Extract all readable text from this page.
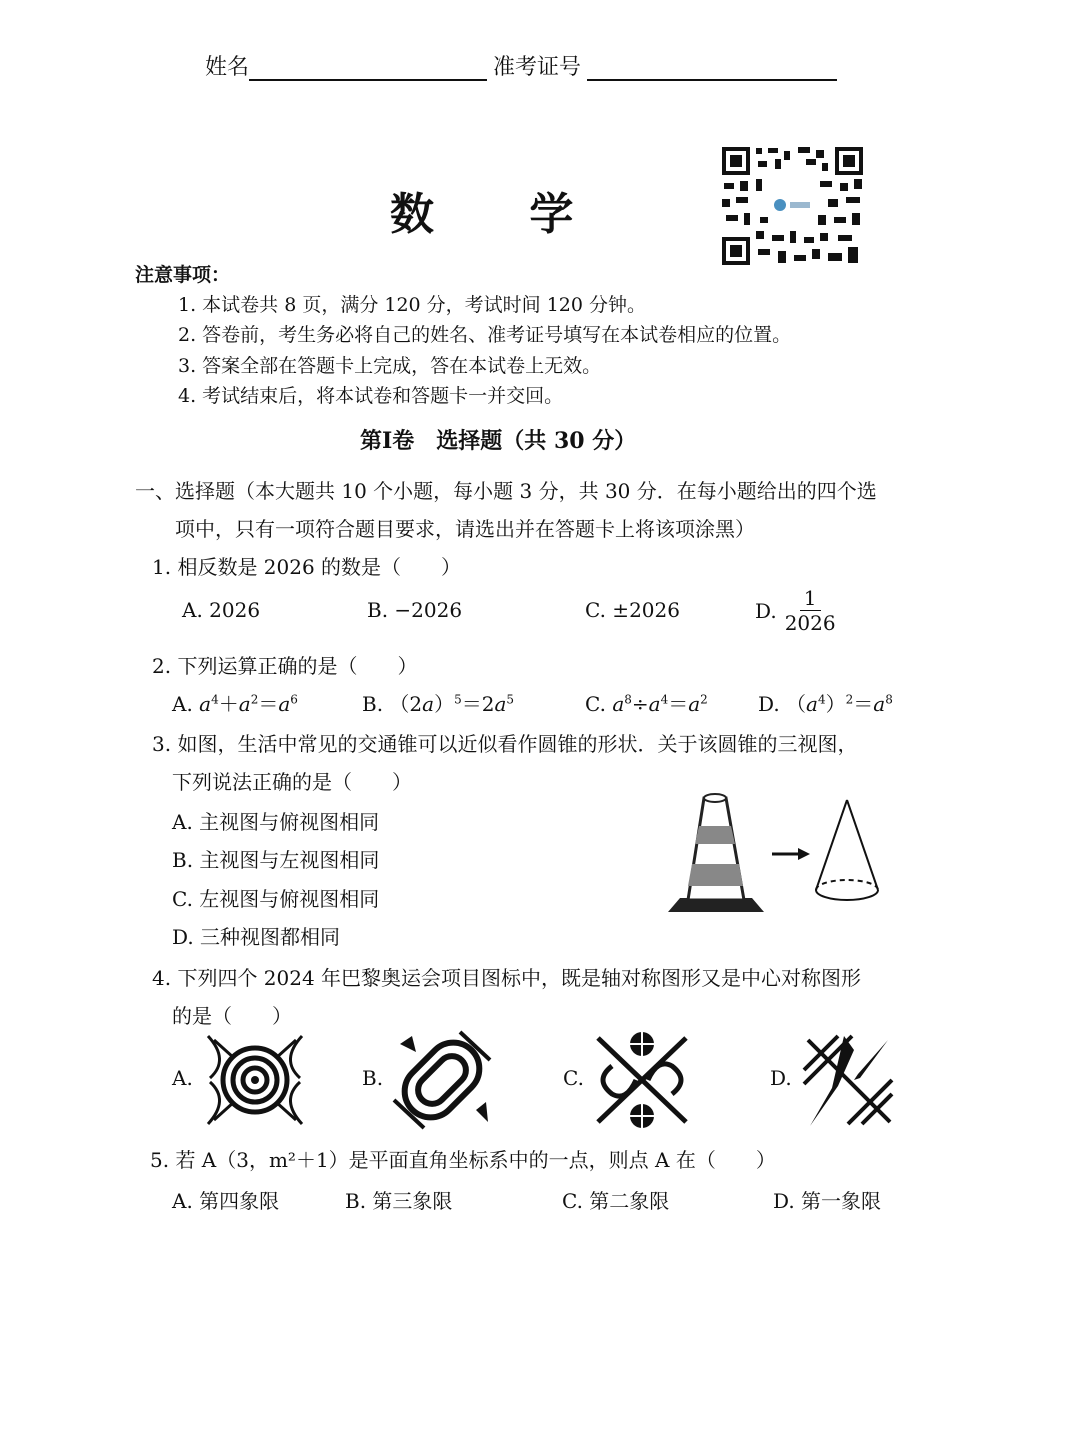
姓名	准考证号
数 学
注意事项：
1. 本试卷共 8 页，满分 120 分，考试时间 120 分钟。
2. 答卷前，考生务必将自己的姓名、准考证号填写在本试卷相应的位置。
3. 答案全部在答题卡上完成，答在本试卷上无效。
4. 考试结束后，将本试卷和答题卡一并交回。
第Ⅰ卷　选择题（共 30 分）
一、选择题（本大题共 10 个小题，每小题 3 分，共 30 分．在每小题给出的四个选
项中，只有一项符合题目要求，请选出并在答题卡上将该项涂黑）
1. 相反数是 2026 的数是（　　）
A. 2026	B. −2026	C. ±2026	D. $\frac{1}{2026}$
2. 下列运算正确的是（　　）
A. $a^4+a^2=a^6$	B. $(2a)^5=2a^5$	C. $a^8\div a^4=a^2$	D. $(a^4)^2=a^8$
3. 如图，生活中常见的交通锥可以近似看作圆锥的形状．关于该圆锥的三视图，
下列说法正确的是（　　）
A. 主视图与俯视图相同
B. 主视图与左视图相同
C. 左视图与俯视图相同
D. 三种视图都相同
4. 下列四个 2024 年巴黎奥运会项目图标中，既是轴对称图形又是中心对称图形
的是（　　）
A.	B.	C.	D.
5. 若 A（3，m²＋1）是平面直角坐标系中的一点，则点 A 在（　　）
A. 第四象限	B. 第三象限	C. 第二象限	D. 第一象限
